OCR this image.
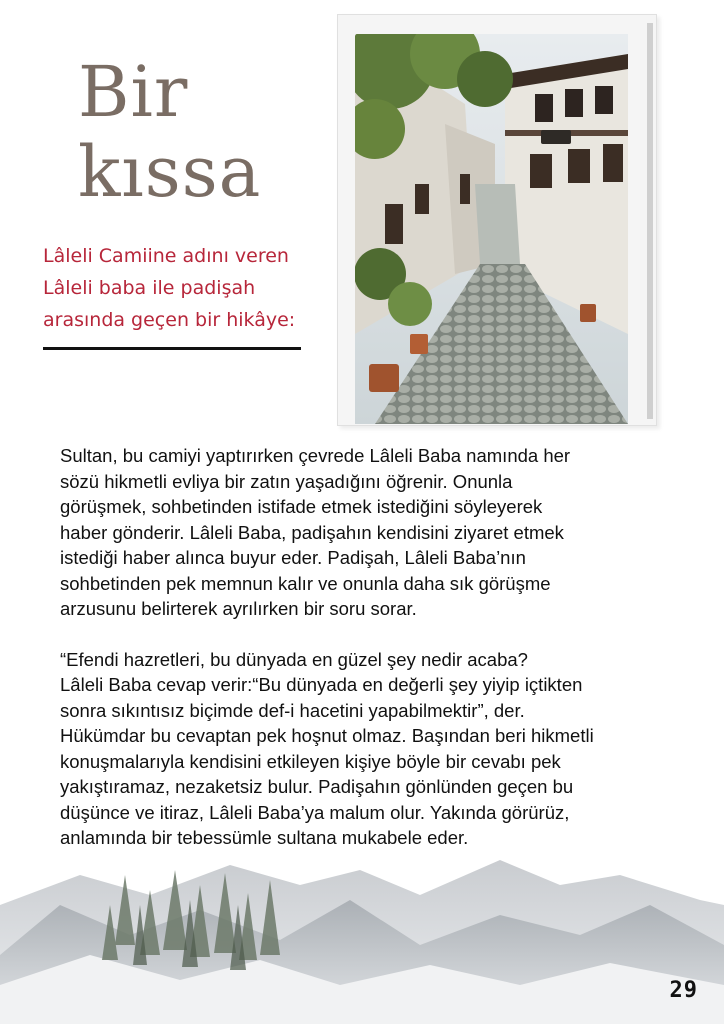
Bir
kıssa
Lâleli Camiine adını veren
Lâleli baba ile padişah
arasında geçen bir hikâye:
Sultan, bu camiyi yaptırırken çevrede Lâleli Baba namında her
sözü hikmetli evliya bir zatın yaşadığını öğrenir. Onunla
görüşmek, sohbetinden istifade etmek istediğini söyleyerek
haber gönderir. Lâleli Baba, padişahın kendisini ziyaret etmek
istediği haber alınca buyur eder. Padişah, Lâleli Baba’nın
sohbetinden pek memnun kalır ve onunla daha sık görüşme
arzusunu belirterek ayrılırken bir soru sorar.
“Efendi hazretleri, bu dünyada en güzel şey nedir acaba?
Lâleli Baba cevap verir:“Bu dünyada en değerli şey yiyip içtikten
sonra sıkıntısız biçimde def-i hacetini yapabilmektir”, der.
Hükümdar bu cevaptan pek hoşnut olmaz. Başından beri hikmetli
konuşmalarıyla kendisini etkileyen kişiye böyle bir cevabı pek
yakıştıramaz, nezaketsiz bulur. Padişahın gönlünden geçen bu
düşünce ve itiraz, Lâleli Baba’ya malum olur. Yakında görürüz,
anlamında bir tebessümle sultana mukabele eder.
29
